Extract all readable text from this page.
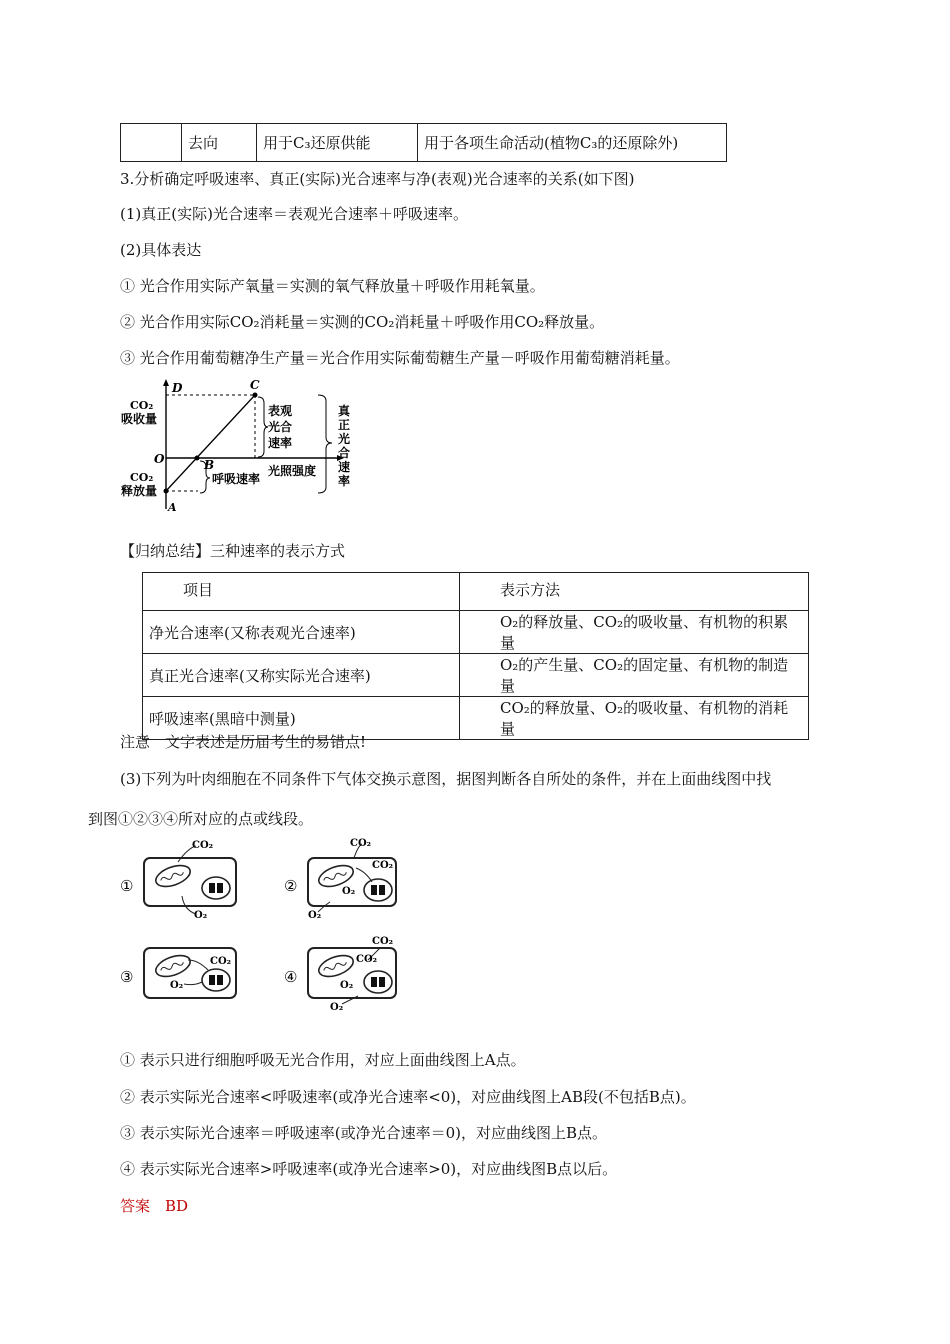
	去向	用于C₃还原供能	用于各项生命活动(植物C₃的还原除外)
3.分析确定呼吸速率、真正(实际)光合速率与净(表观)光合速率的关系(如下图)
(1)真正(实际)光合速率＝表观光合速率＋呼吸速率。
(2)具体表达
① 光合作用实际产氧量＝实测的氧气释放量＋呼吸作用耗氧量。
② 光合作用实际CO₂消耗量＝实测的CO₂消耗量＋呼吸作用CO₂释放量。
③ 光合作用葡萄糖净生产量＝光合作用实际葡萄糖生产量－呼吸作用葡萄糖消耗量。
D	C
O	B
A
CO₂
吸收量
CO₂
释放量
表观
光合
速率
呼吸速率
光照强度
真
正
光
合
速
率
【归纳总结】三种速率的表示方式
项目	表示方法
净光合速率(又称表观光合速率)	O₂的释放量、CO₂的吸收量、有机物的积累量
真正光合速率(又称实际光合速率)	O₂的产生量、CO₂的固定量、有机物的制造量
呼吸速率(黑暗中测量)	CO₂的释放量、O₂的吸收量、有机物的消耗量
注意　文字表述是历届考生的易错点!
(3)下列为叶肉细胞在不同条件下气体交换示意图，据图判断各自所处的条件，并在上面曲线图中找
到图①②③④所对应的点或线段。
①
CO₂
O₂
②
CO₂
CO₂
O₂
O₂
③
CO₂
O₂	④
CO₂
CO₂
O₂
O₂
① 表示只进行细胞呼吸无光合作用，对应上面曲线图上A点。
② 表示实际光合速率<呼吸速率(或净光合速率<0)，对应曲线图上AB段(不包括B点)。
③ 表示实际光合速率＝呼吸速率(或净光合速率＝0)，对应曲线图上B点。
④ 表示实际光合速率>呼吸速率(或净光合速率>0)，对应曲线图B点以后。
答案　BD
